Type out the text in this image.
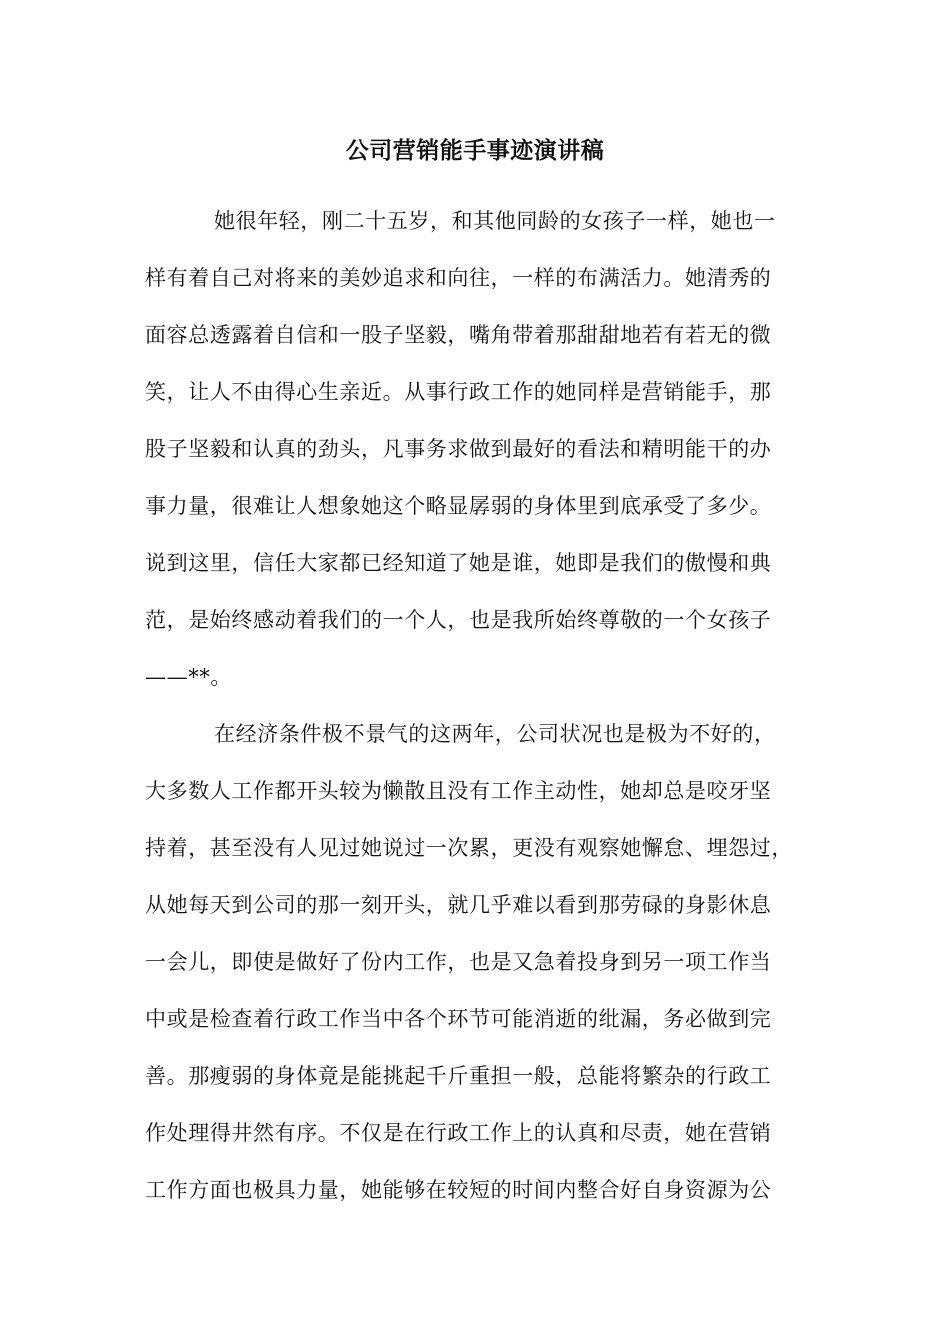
公司营销能手事迹演讲稿
她很年轻，刚二十五岁，和其他同龄的女孩子一样，她也一
样有着自己对将来的美妙追求和向往，一样的布满活力。她清秀的
面容总透露着自信和一股子坚毅，嘴角带着那甜甜地若有若无的微
笑，让人不由得心生亲近。从事行政工作的她同样是营销能手，那
股子坚毅和认真的劲头，凡事务求做到最好的看法和精明能干的办
事力量，很难让人想象她这个略显孱弱的身体里到底承受了多少。
说到这里，信任大家都已经知道了她是谁，她即是我们的傲慢和典
范，是始终感动着我们的一个人，也是我所始终尊敬的一个女孩子
——**。
在经济条件极不景气的这两年，公司状况也是极为不好的，
大多数人工作都开头较为懒散且没有工作主动性，她却总是咬牙坚
持着，甚至没有人见过她说过一次累，更没有观察她懈怠、埋怨过，
从她每天到公司的那一刻开头，就几乎难以看到那劳碌的身影休息
一会儿，即使是做好了份内工作，也是又急着投身到另一项工作当
中或是检查着行政工作当中各个环节可能消逝的纰漏，务必做到完
善。那瘦弱的身体竟是能挑起千斤重担一般，总能将繁杂的行政工
作处理得井然有序。不仅是在行政工作上的认真和尽责，她在营销
工作方面也极具力量，她能够在较短的时间内整合好自身资源为公
